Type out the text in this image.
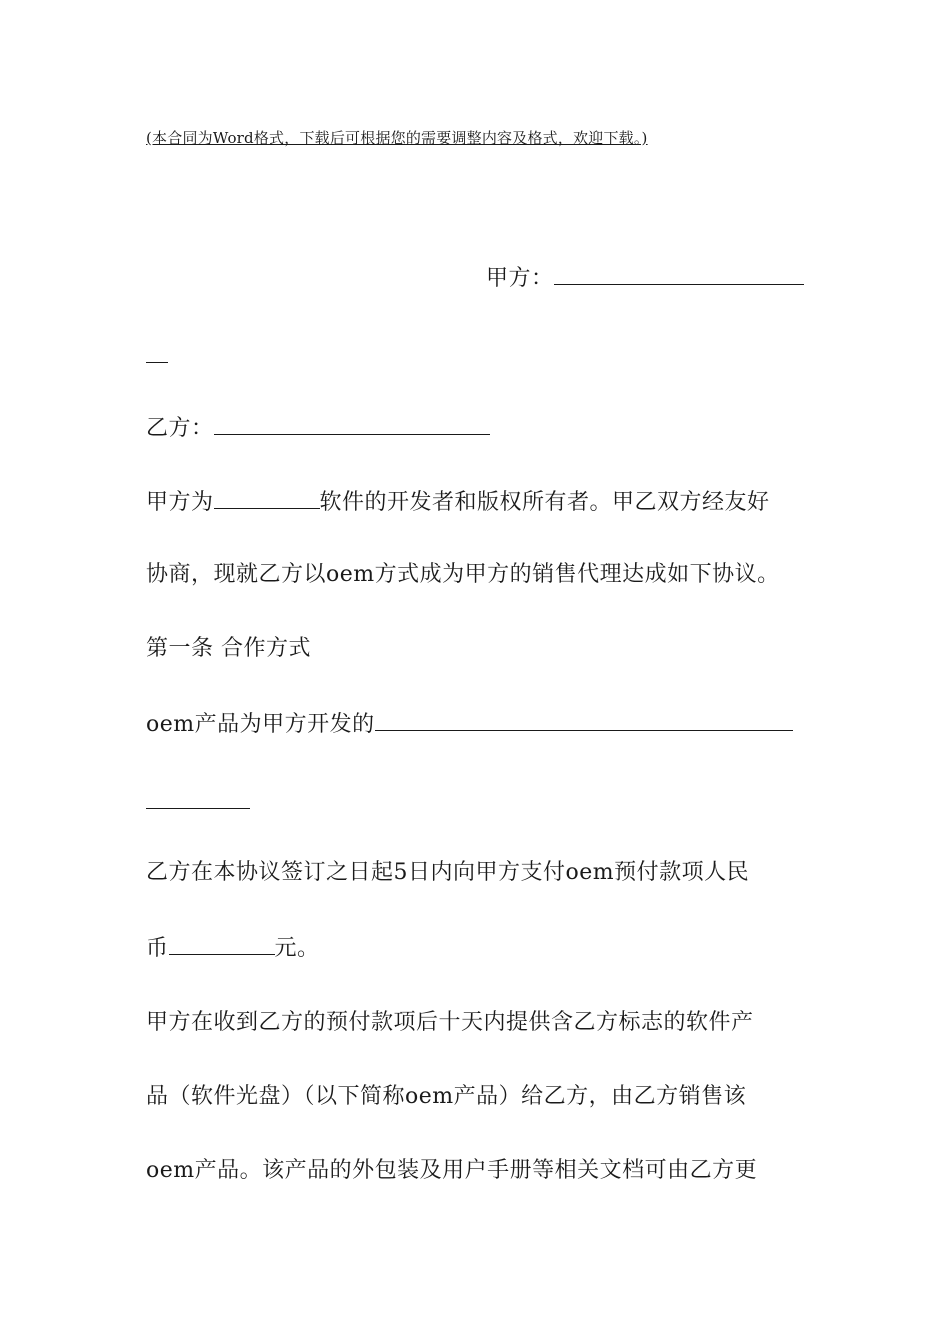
(本合同为Word格式，下载后可根据您的需要调整内容及格式，欢迎下载。)
甲方：
乙方：
甲方为	软件的开发者和版权所有者。甲乙双方经友好
协商，现就乙方以oem方式成为甲方的销售代理达成如下协议。
第一条 合作方式
oem产品为甲方开发的
乙方在本协议签订之日起5日内向甲方支付oem预付款项人民
币	元。
甲方在收到乙方的预付款项后十天内提供含乙方标志的软件产
品（软件光盘）（以下简称oem产品）给乙方，由乙方销售该
oem产品。该产品的外包装及用户手册等相关文档可由乙方更
